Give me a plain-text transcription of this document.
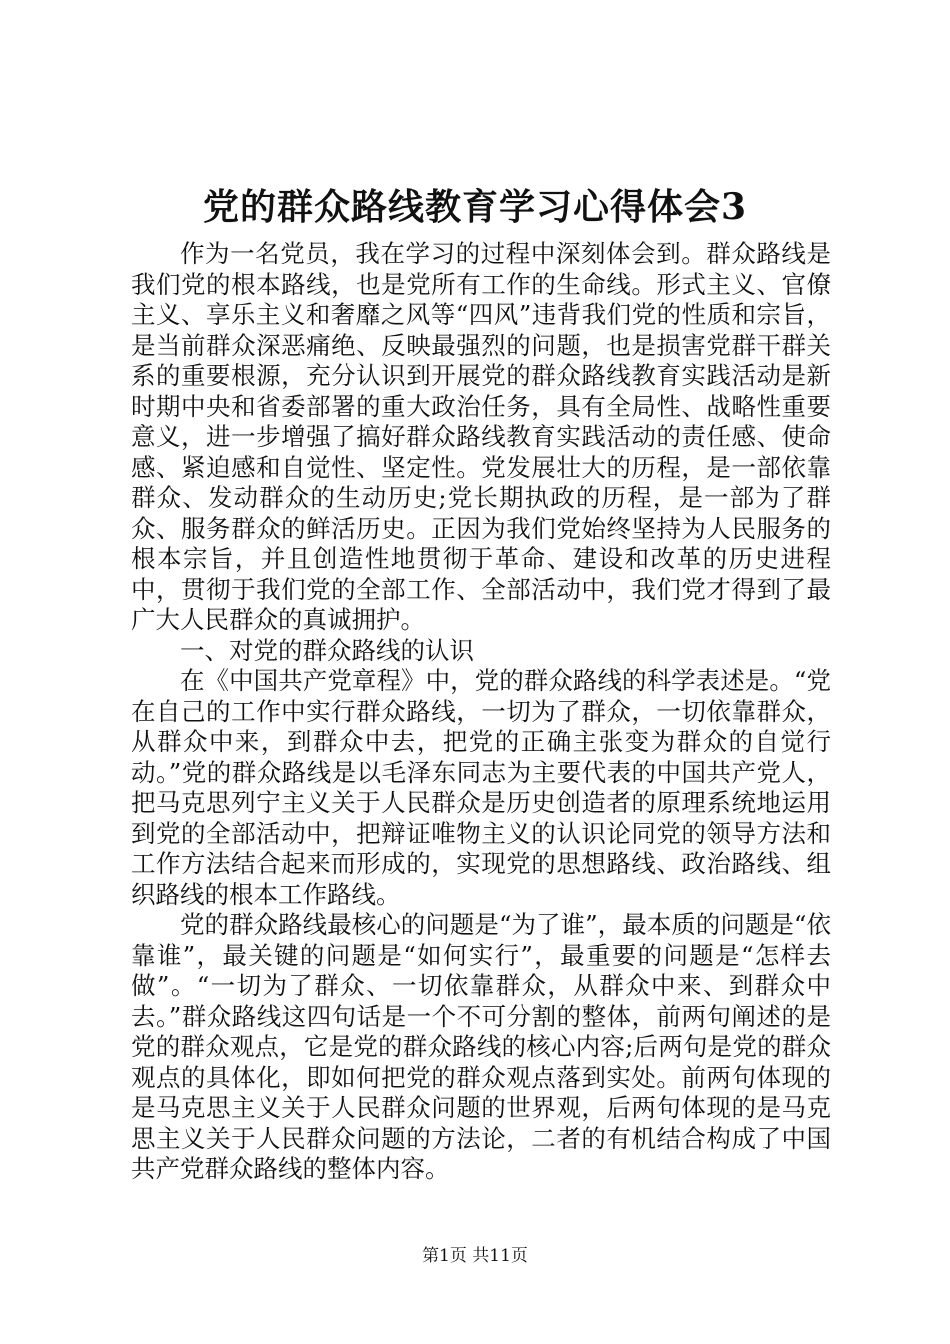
党的群众路线教育学习心得体会3

作为一名党员，我在学习的过程中深刻体会到。群众路线是我们党的根本路线，也是党所有工作的生命线。形式主义、官僚主义、享乐主义和奢靡之风等“四风”违背我们党的性质和宗旨，是当前群众深恶痛绝、反映最强烈的问题，也是损害党群干群关系的重要根源，充分认识到开展党的群众路线教育实践活动是新时期中央和省委部署的重大政治任务，具有全局性、战略性重要意义，进一步增强了搞好群众路线教育实践活动的责任感、使命感、紧迫感和自觉性、坚定性。党发展壮大的历程，是一部依靠群众、发动群众的生动历史;党长期执政的历程，是一部为了群众、服务群众的鲜活历史。正因为我们党始终坚持为人民服务的根本宗旨，并且创造性地贯彻于革命、建设和改革的历史进程中，贯彻于我们党的全部工作、全部活动中，我们党才得到了最广大人民群众的真诚拥护。

一、对党的群众路线的认识

在《中国共产党章程》中，党的群众路线的科学表述是。“党在自己的工作中实行群众路线，一切为了群众，一切依靠群众，从群众中来，到群众中去，把党的正确主张变为群众的自觉行动。”党的群众路线是以毛泽东同志为主要代表的中国共产党人，把马克思列宁主义关于人民群众是历史创造者的原理系统地运用到党的全部活动中，把辩证唯物主义的认识论同党的领导方法和工作方法结合起来而形成的，实现党的思想路线、政治路线、组织路线的根本工作路线。

党的群众路线最核心的问题是“为了谁”，最本质的问题是“依靠谁”，最关键的问题是“如何实行”，最重要的问题是“怎样去做”。“一切为了群众、一切依靠群众，从群众中来、到群众中去。”群众路线这四句话是一个不可分割的整体，前两句阐述的是党的群众观点，它是党的群众路线的核心内容;后两句是党的群众观点的具体化，即如何把党的群众观点落到实处。前两句体现的是马克思主义关于人民群众问题的世界观，后两句体现的是马克思主义关于人民群众问题的方法论，二者的有机结合构成了中国共产党群众路线的整体内容。

第1页 共11页
